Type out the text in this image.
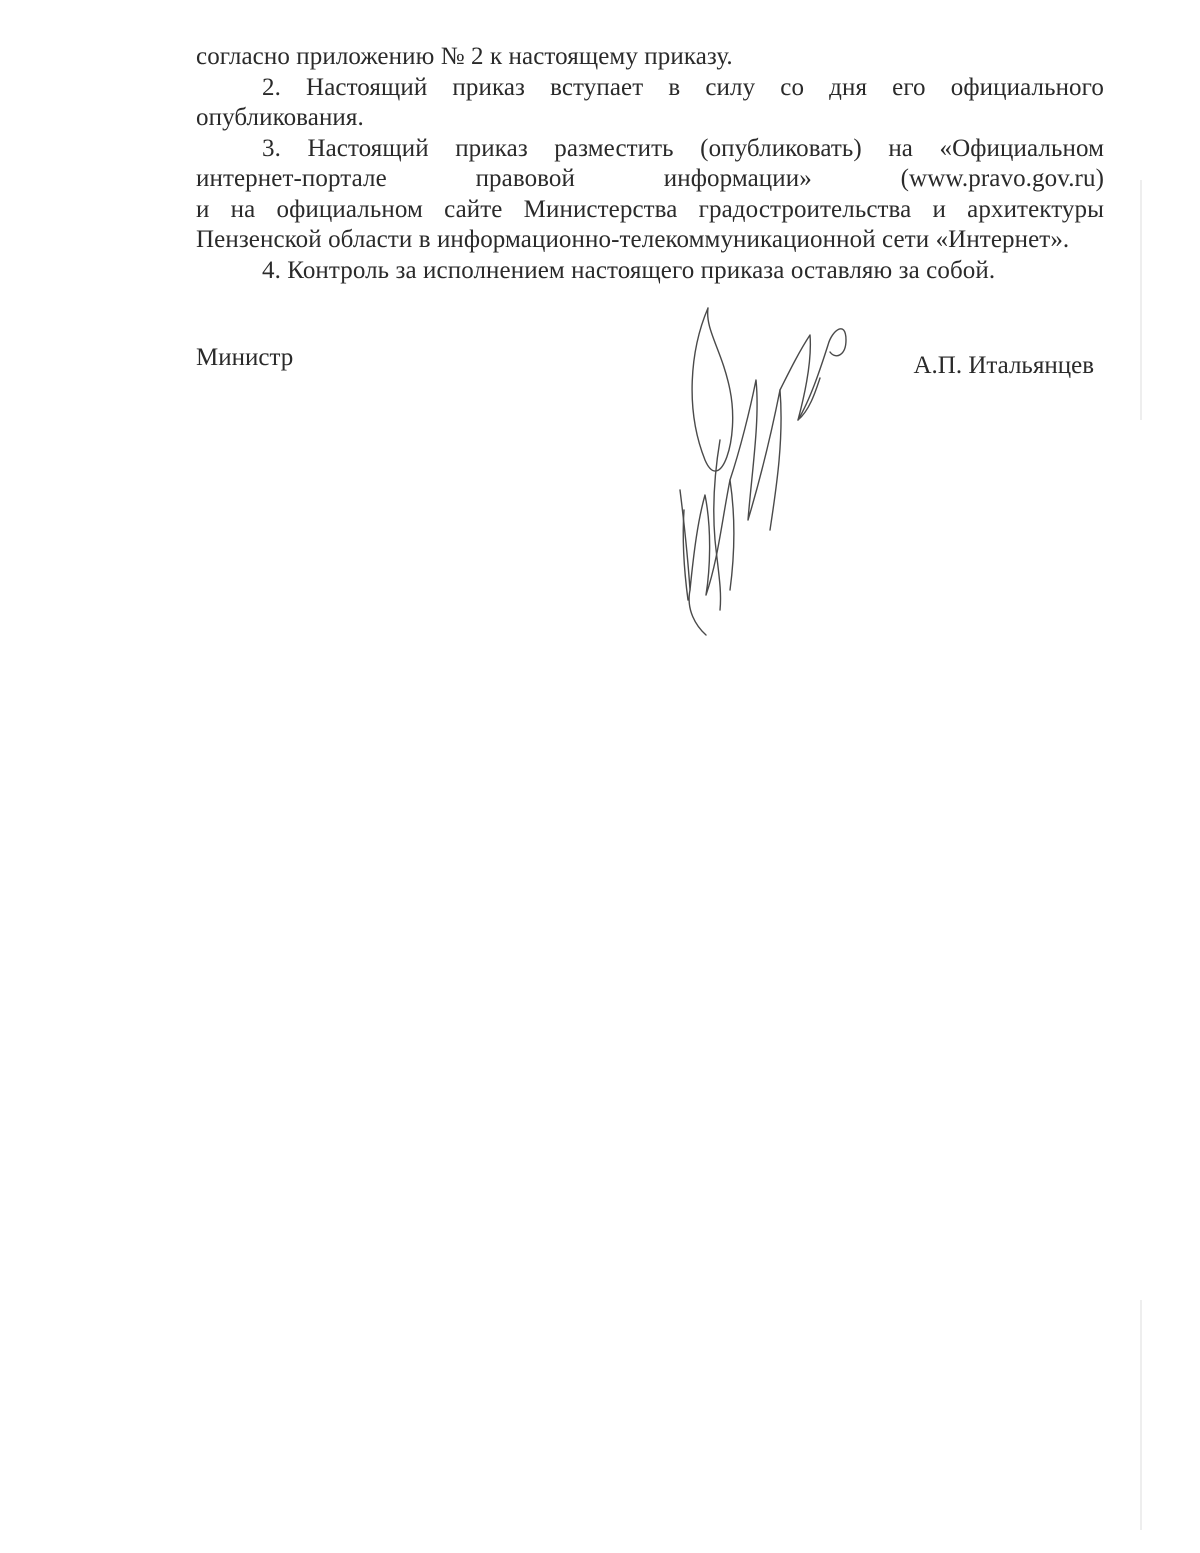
согласно приложению № 2 к настоящему приказу.
2. Настоящий приказ вступает в силу со дня его официального
опубликования.
3. Настоящий приказ разместить (опубликовать) на «Официальном
интернет-портале правовой информации» (www.pravo.gov.ru)
и на официальном сайте Министерства градостроительства и архитектуры
Пензенской области в информационно-телекоммуникационной сети «Интернет».
4. Контроль за исполнением настоящего приказа оставляю за собой.
Министр	А.П. Итальянцев
